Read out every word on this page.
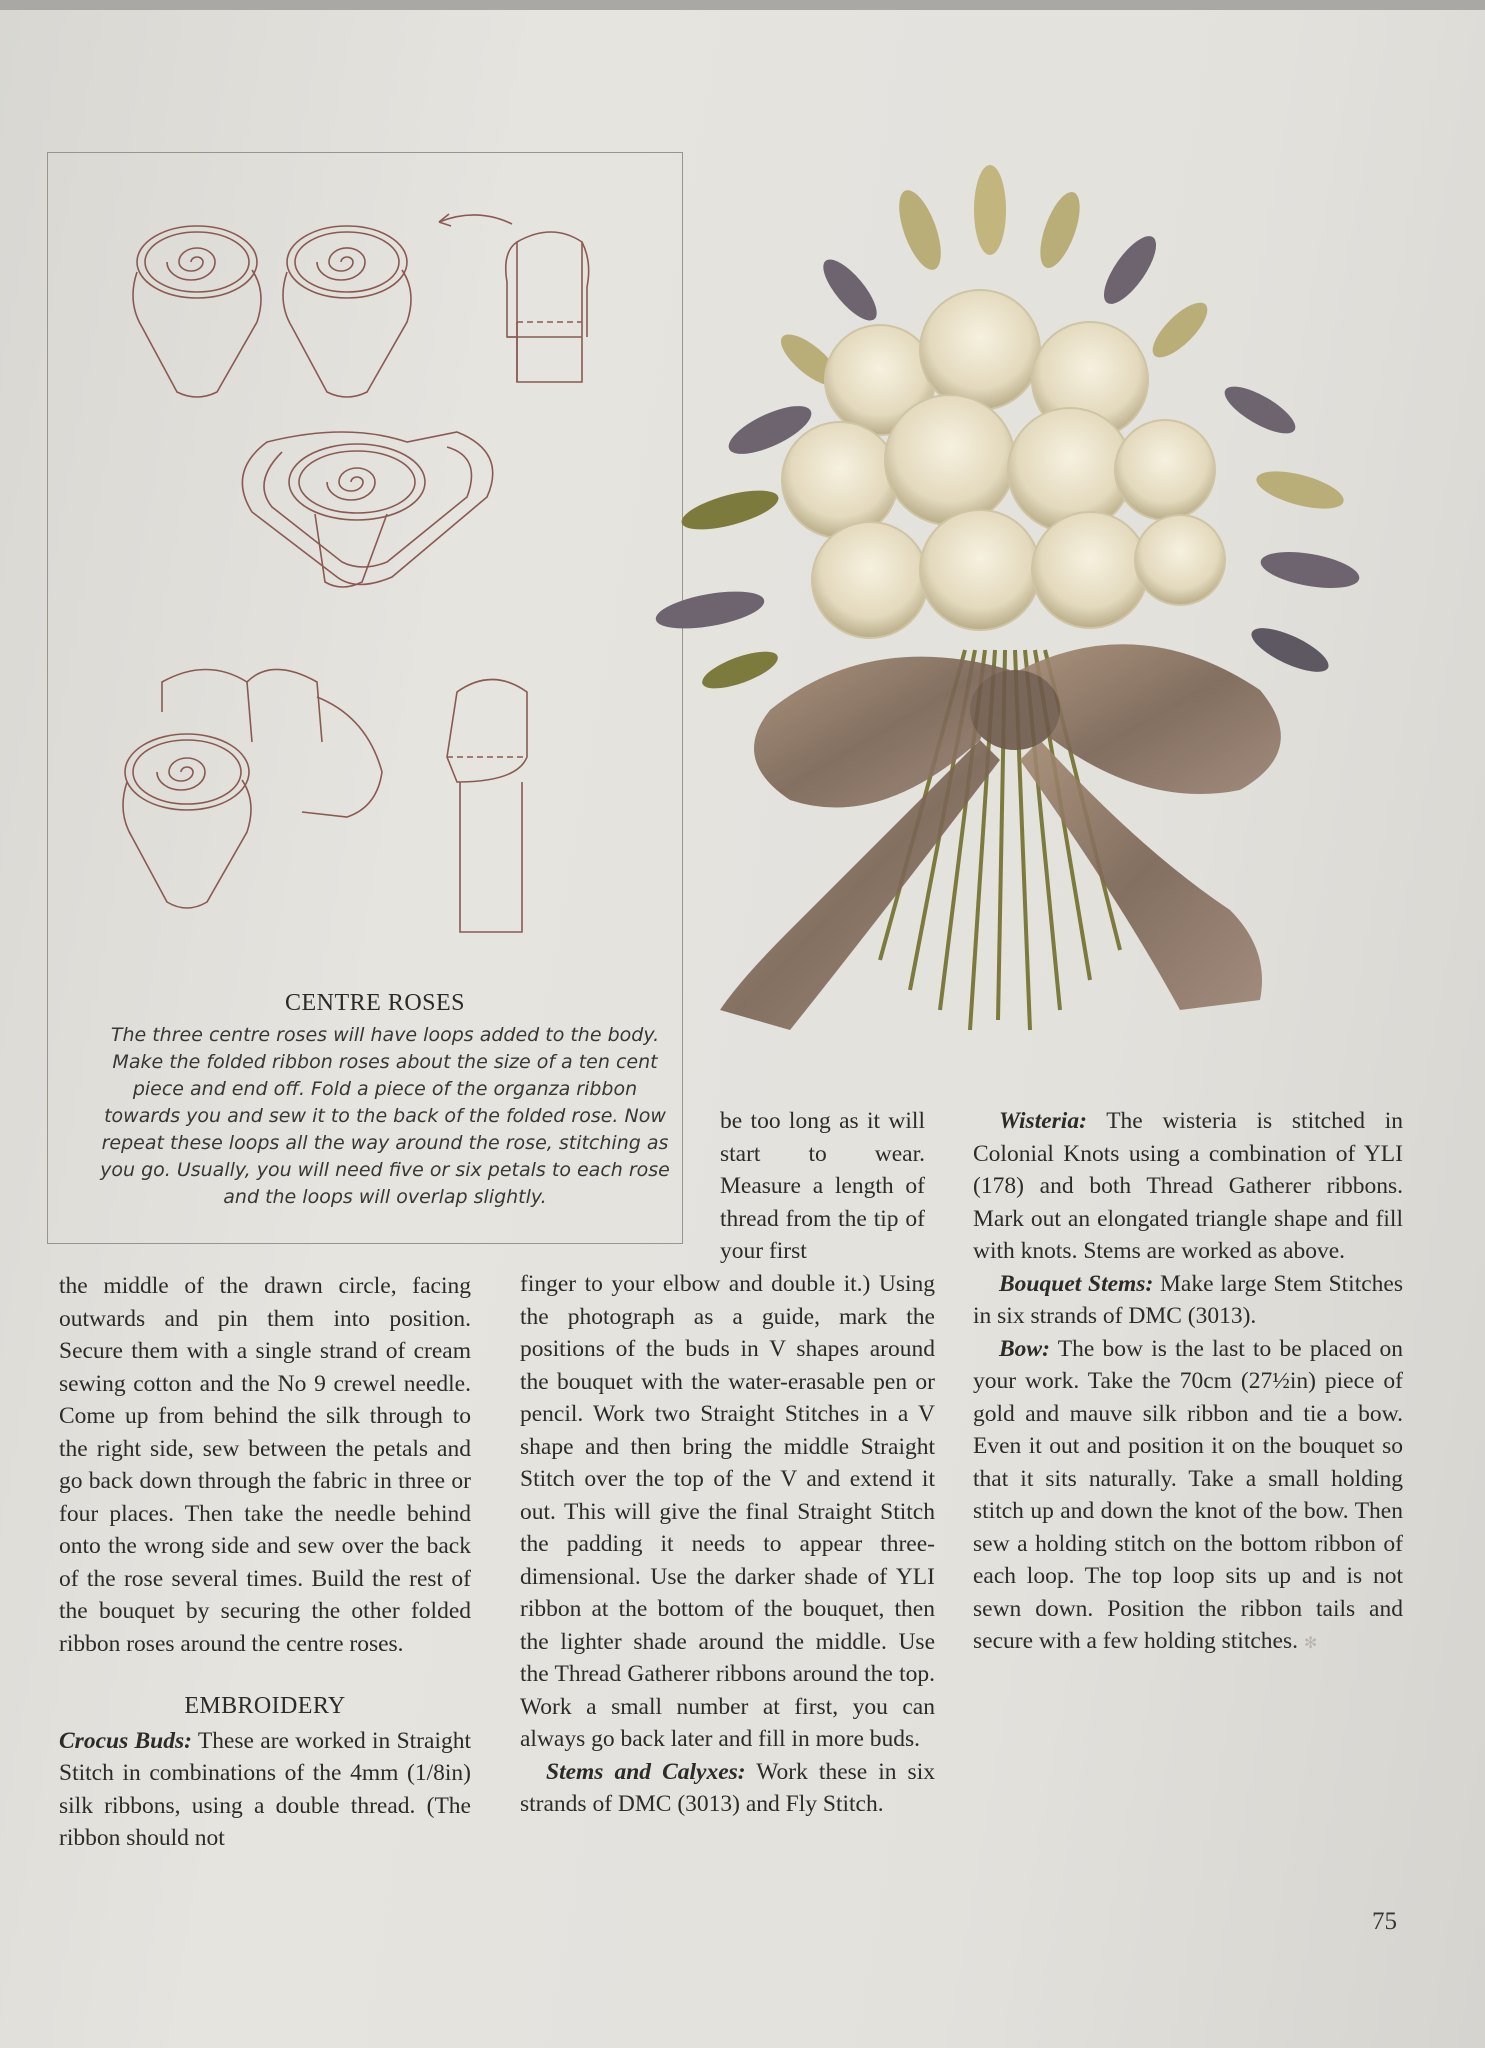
CENTRE ROSES
The three centre roses will have loops added to the body. Make the folded ribbon roses about the size of a ten cent piece and end off. Fold a piece of the organza ribbon towards you and sew it to the back of the folded rose. Now repeat these loops all the way around the rose, stitching as you go. Usually, you will need five or six petals to each rose and the loops will overlap slightly.

be too long as it will start to wear. Measure a length of thread from the tip of your first

Wisteria: The wisteria is stitched in Colonial Knots using a combination of YLI (178) and both Thread Gatherer ribbons. Mark out an elongated triangle shape and fill with knots. Stems are worked as above.

Bouquet Stems: Make large Stem Stitches in six strands of DMC (3013).

Bow: The bow is the last to be placed on your work. Take the 70cm (27½in) piece of gold and mauve silk ribbon and tie a bow. Even it out and position it on the bouquet so that it sits naturally. Take a small holding stitch up and down the knot of the bow. Then sew a holding stitch on the bottom ribbon of each loop. The top loop sits up and is not sewn down. Position the ribbon tails and secure with a few holding stitches. ✻

the middle of the drawn circle, facing outwards and pin them into position. Secure them with a single strand of cream sewing cotton and the No 9 crewel needle. Come up from behind the silk through to the right side, sew between the petals and go back down through the fabric in three or four places. Then take the needle behind onto the wrong side and sew over the back of the rose several times. Build the rest of the bouquet by securing the other folded ribbon roses around the centre roses.

EMBROIDERY

Crocus Buds: These are worked in Straight Stitch in combinations of the 4mm (1/8in) silk ribbons, using a double thread. (The ribbon should not

finger to your elbow and double it.) Using the photograph as a guide, mark the positions of the buds in V shapes around the bouquet with the water-erasable pen or pencil. Work two Straight Stitches in a V shape and then bring the middle Straight Stitch over the top of the V and extend it out. This will give the final Straight Stitch the padding it needs to appear three-dimensional. Use the darker shade of YLI ribbon at the bottom of the bouquet, then the lighter shade around the middle. Use the Thread Gatherer ribbons around the top. Work a small number at first, you can always go back later and fill in more buds.

Stems and Calyxes: Work these in six strands of DMC (3013) and Fly Stitch.

75
